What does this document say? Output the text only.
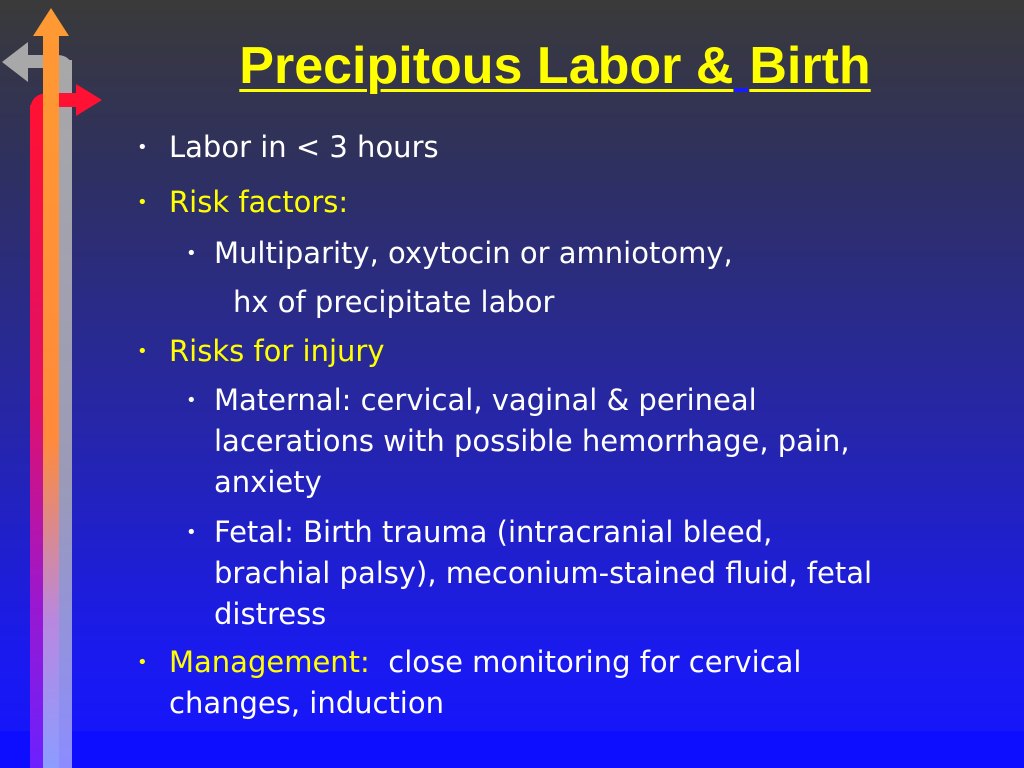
Precipitous Labor & Birth
• Labor in < 3 hours

• Risk factors:

• Multiparity, oxytocin or amniotomy,

hx of precipitate labor

• Risks for injury

• Maternal: cervical, vaginal & perineal

lacerations with possible hemorrhage, pain,

anxiety

• Fetal: Birth trauma (intracranial bleed,

brachial palsy), meconium-stained fluid, fetal

distress

• Management:  close monitoring for cervical

changes, induction
